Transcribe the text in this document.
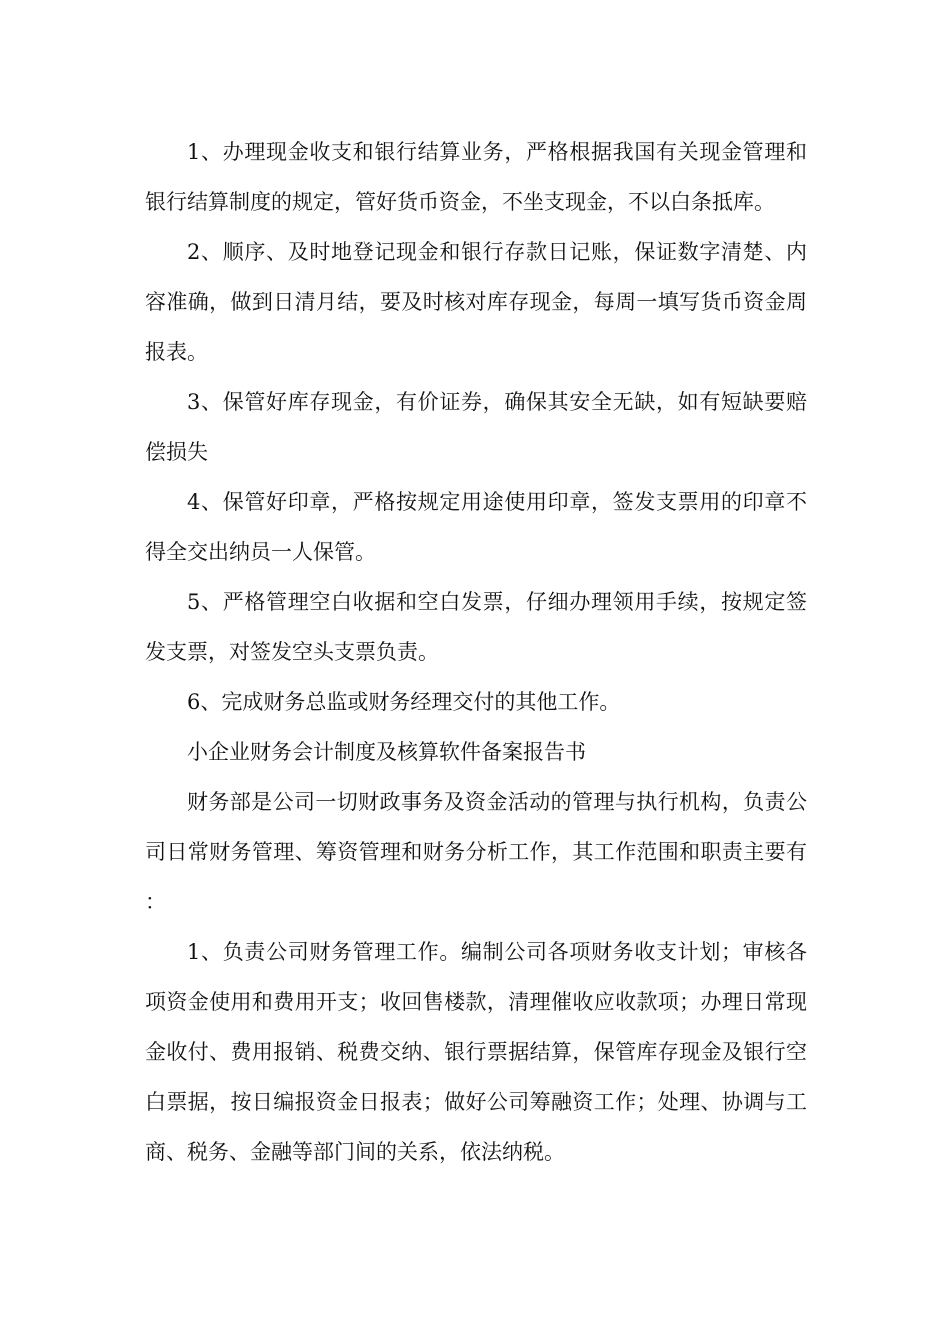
1、办理现金收支和银行结算业务，严格根据我国有关现金管理和银行结算制度的规定，管好货币资金，不坐支现金，不以白条抵库。

2、顺序、及时地登记现金和银行存款日记账，保证数字清楚、内容准确，做到日清月结，要及时核对库存现金，每周一填写货币资金周报表。

3、保管好库存现金，有价证券，确保其安全无缺，如有短缺要赔偿损失

4、保管好印章，严格按规定用途使用印章，签发支票用的印章不得全交出纳员一人保管。

5、严格管理空白收据和空白发票，仔细办理领用手续，按规定签发支票，对签发空头支票负责。

6、完成财务总监或财务经理交付的其他工作。

小企业财务会计制度及核算软件备案报告书

财务部是公司一切财政事务及资金活动的管理与执行机构，负责公司日常财务管理、筹资管理和财务分析工作，其工作范围和职责主要有：

1、负责公司财务管理工作。编制公司各项财务收支计划；审核各项资金使用和费用开支；收回售楼款，清理催收应收款项；办理日常现金收付、费用报销、税费交纳、银行票据结算，保管库存现金及银行空白票据，按日编报资金日报表；做好公司筹融资工作；处理、协调与工商、税务、金融等部门间的关系，依法纳税。
